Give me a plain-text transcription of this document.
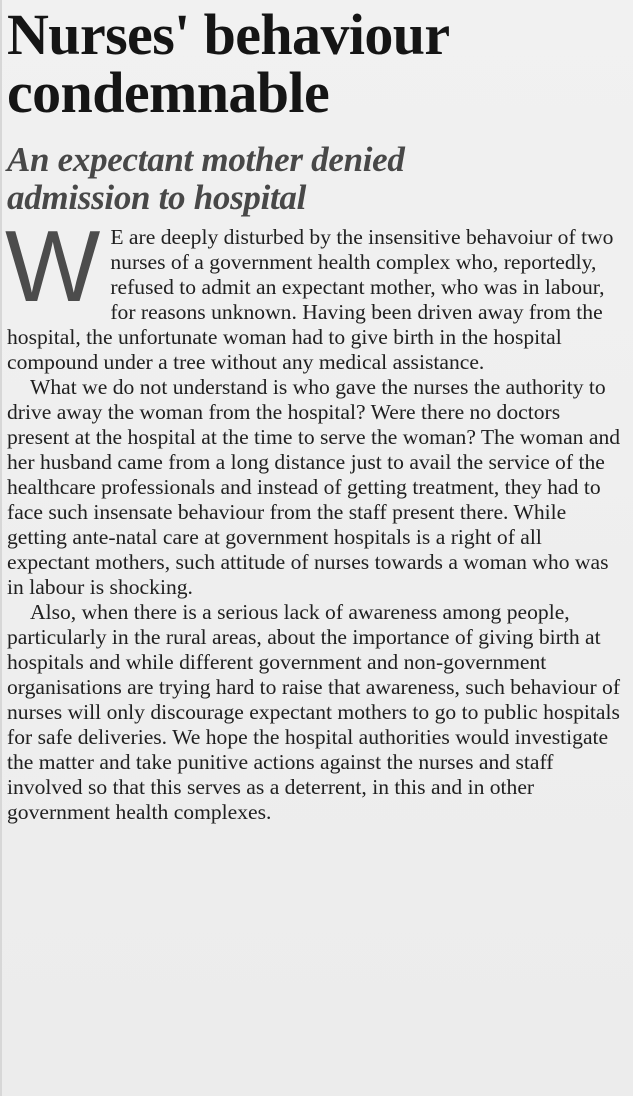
Nurses' behaviour
condemnable
An expectant mother denied
admission to hospital

W E are deeply disturbed by the insensitive behavoiur of two nurses of a government health complex who, reportedly, refused to admit an expectant mother, who was in labour, for reasons unknown. Having been driven away from the hospital, the unfortunate woman had to give birth in the hospital compound under a tree without any medical assistance.

What we do not understand is who gave the nurses the authority to drive away the woman from the hospital? Were there no doctors present at the hospital at the time to serve the woman? The woman and her husband came from a long distance just to avail the service of the healthcare professionals and instead of getting treatment, they had to face such insensate behaviour from the staff present there. While getting ante-natal care at government hospitals is a right of all expectant mothers, such attitude of nurses towards a woman who was in labour is shocking.

Also, when there is a serious lack of awareness among people, particularly in the rural areas, about the importance of giving birth at hospitals and while different government and non-government organisations are trying hard to raise that awareness, such behaviour of nurses will only discourage expectant mothers to go to public hospitals for safe deliveries. We hope the hospital authorities would investigate the matter and take punitive actions against the nurses and staff involved so that this serves as a deterrent, in this and in other government health complexes.
